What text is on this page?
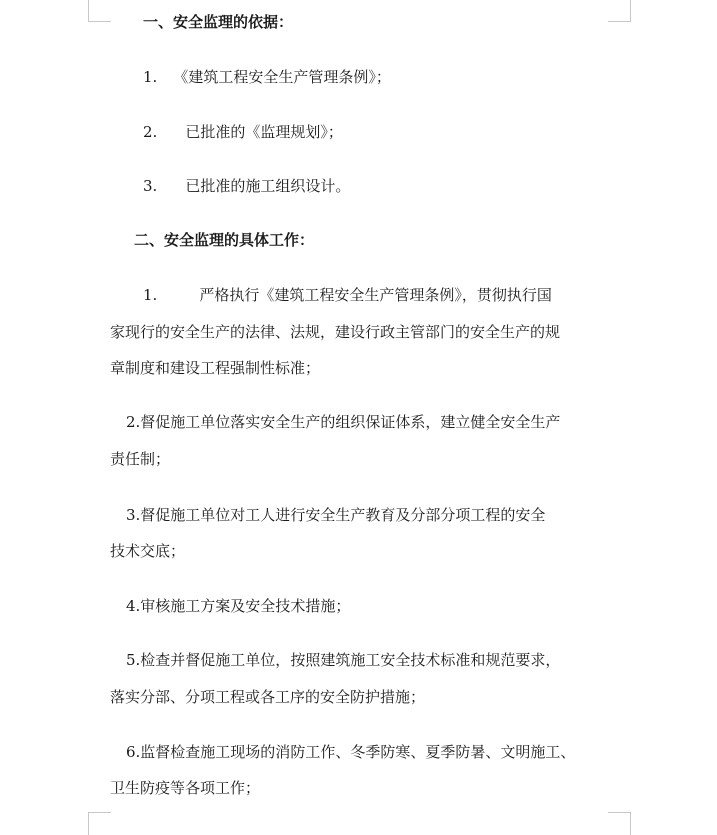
一、安全监理的依据：
1. 《建筑工程安全生产管理条例》；
2. 已批准的《监理规划》；
3. 已批准的施工组织设计。
二、安全监理的具体工作：
1.	严格执行《建筑工程安全生产管理条例》，贯彻执行国
家现行的安全生产的法律、法规，建设行政主管部门的安全生产的规
章制度和建设工程强制性标准；
2.督促施工单位落实安全生产的组织保证体系，建立健全安全生产
责任制；
3.督促施工单位对工人进行安全生产教育及分部分项工程的安全
技术交底；
4.审核施工方案及安全技术措施；
5.检查并督促施工单位，按照建筑施工安全技术标准和规范要求，
落实分部、分项工程或各工序的安全防护措施；
6.监督检查施工现场的消防工作、冬季防寒、夏季防暑、文明施工、
卫生防疫等各项工作；
